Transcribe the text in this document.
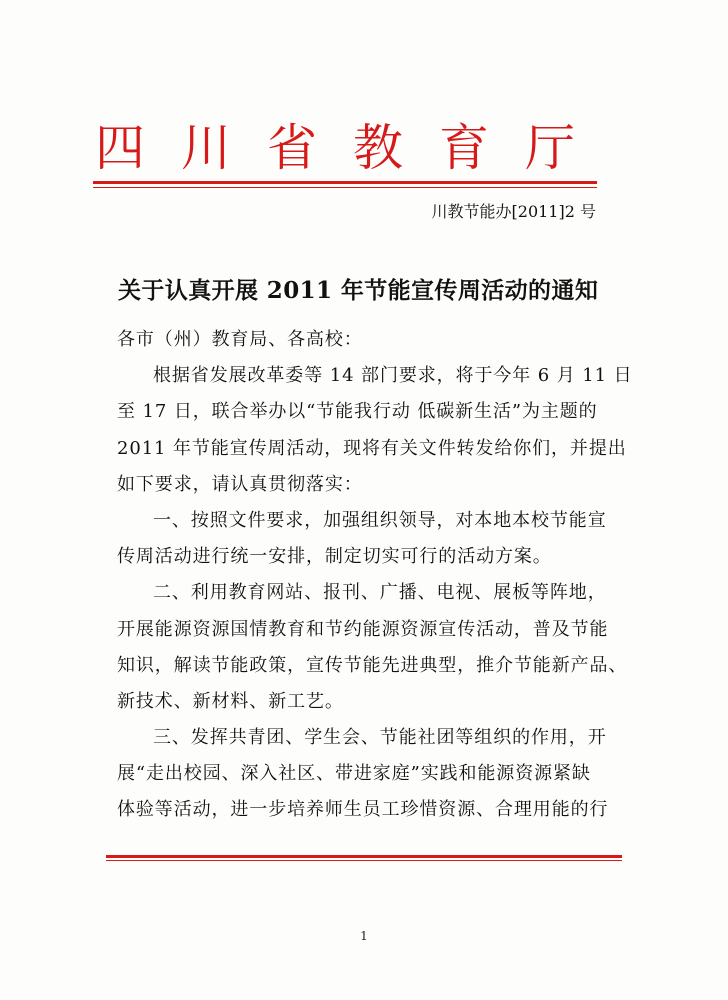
四川省教育厅
川教节能办[2011]2 号
关于认真开展 2011 年节能宣传周活动的通知
各市（州）教育局、各高校：
根据省发展改革委等 14 部门要求，将于今年 6 月 11 日
至 17 日，联合举办以“节能我行动 低碳新生活”为主题的
2011 年节能宣传周活动，现将有关文件转发给你们，并提出
如下要求，请认真贯彻落实：
一、按照文件要求，加强组织领导，对本地本校节能宣
传周活动进行统一安排，制定切实可行的活动方案。
二、利用教育网站、报刊、广播、电视、展板等阵地，
开展能源资源国情教育和节约能源资源宣传活动，普及节能
知识，解读节能政策，宣传节能先进典型，推介节能新产品、
新技术、新材料、新工艺。
三、发挥共青团、学生会、节能社团等组织的作用，开
展“走出校园、深入社区、带进家庭”实践和能源资源紧缺
体验等活动，进一步培养师生员工珍惜资源、合理用能的行
1
